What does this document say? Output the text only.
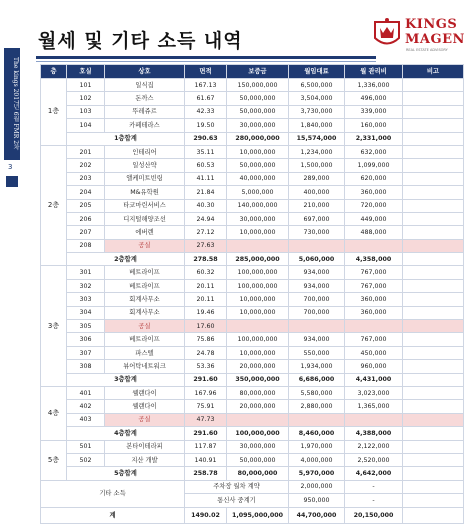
The kings 2017년 6월 FMR 2차
3
월세 및 기타 소득 내역
KINGS
MAGEN
REAL ESTATE ADVISORY
층	호실	상호	면적	보증금	월임대료	월 관리비	비고
1층	101	일식집	167.13	150,000,000	6,500,000	1,336,000	
	102	돈까스	61.67	50,000,000	3,504,000	496,000	
	103	뚜레쥬르	42.33	50,000,000	3,730,000	339,000	
	104	카페테라스	19.50	30,000,000	1,840,000	160,000	
	1층합계		290.63	280,000,000	15,574,000	2,331,000	
2층	201	인테리어	35.11	10,000,000	1,234,000	632,000	
	202	일성산약	60.53	50,000,000	1,500,000	1,099,000	
	203	앨케미트빈링	41.11	40,000,000	289,000	620,000	
	204	M&유학원	21.84	5,000,000	400,000	360,000	
	205	타코마린서비스	40.30	140,000,000	210,000	720,000	
	206	디지털해양조선	24.94	30,000,000	697,000	449,000	
	207	에버렌	27.12	10,000,000	730,000	488,000	
	208	공실	27.63				
	2층합계		278.58	285,000,000	5,060,000	4,358,000	
3층	301	베트라이프	60.32	100,000,000	934,000	767,000	
	302	베트라이프	20.11	100,000,000	934,000	767,000	
	303	회계사무소	20.11	10,000,000	700,000	360,000	
	304	회계사무소	19.46	10,000,000	700,000	360,000	
	305	공실	17.60				
	306	베트라이프	75.86	100,000,000	934,000	767,000	
	307	파스텔	24.78	10,000,000	550,000	450,000	
	308	뷰어탁네트워크	53.36	20,000,000	1,934,000	960,000	
	3층합계		291.60	350,000,000	6,686,000	4,431,000	
4층	401	웰랜다이	167.96	80,000,000	5,580,000	3,023,000	
	402	웰랜다이	75.91	20,000,000	2,880,000	1,365,000	
	403	공실	47.73				
	4층합계		291.60	100,000,000	8,460,000	4,388,000	
5층	501	본타이테라피	117.87	30,000,000	1,970,000	2,122,000	
	502	지산 개발	140.91	50,000,000	4,000,000	2,520,000	
	5층합계		258.78	80,000,000	5,970,000	4,642,000	
기타 소득			주차장 월차 계약		2,000,000	-	
			통신사 중계기		950,000	-	
계			1490.02	1,095,000,000	44,700,000	20,150,000	
